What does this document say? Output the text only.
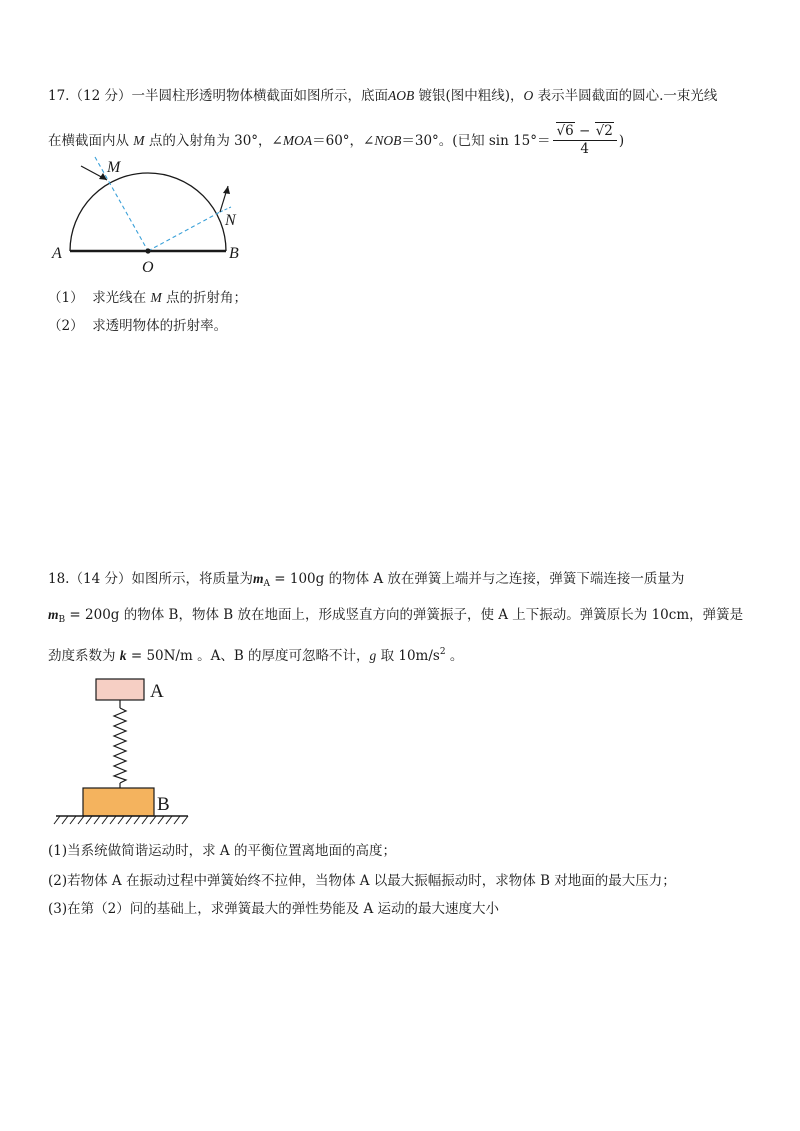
17.（12 分）一半圆柱形透明物体横截面如图所示，底面AOB 镀银(图中粗线)，O 表示半圆截面的圆心.一束光线
在横截面内从 M 点的入射角为 30°，∠MOA＝60°，∠NOB＝30°。(已知 $\sin 15^\circ= \frac{√6 - √2}{4}$ )
M
N
A
O
B
（1） 求光线在 M 点的折射角；
（2） 求透明物体的折射率。
18.（14 分）如图所示，将质量为$m_A = 100g$ 的物体 A 放在弹簧上端并与之连接，弹簧下端连接一质量为
$m_B = 200g$ 的物体 B，物体 B 放在地面上，形成竖直方向的弹簧振子，使 A 上下振动。弹簧原长为 10cm，弹簧是
劲度系数为 k = 50N/m 。A、B 的厚度可忽略不计，g 取 $10m/s^2$ 。
A
B
(1)当系统做简谐运动时，求 A 的平衡位置离地面的高度；
(2)若物体 A 在振动过程中弹簧始终不拉伸，当物体 A 以最大振幅振动时，求物体 B 对地面的最大压力；
(3)在第（2）问的基础上，求弹簧最大的弹性势能及 A 运动的最大速度大小
